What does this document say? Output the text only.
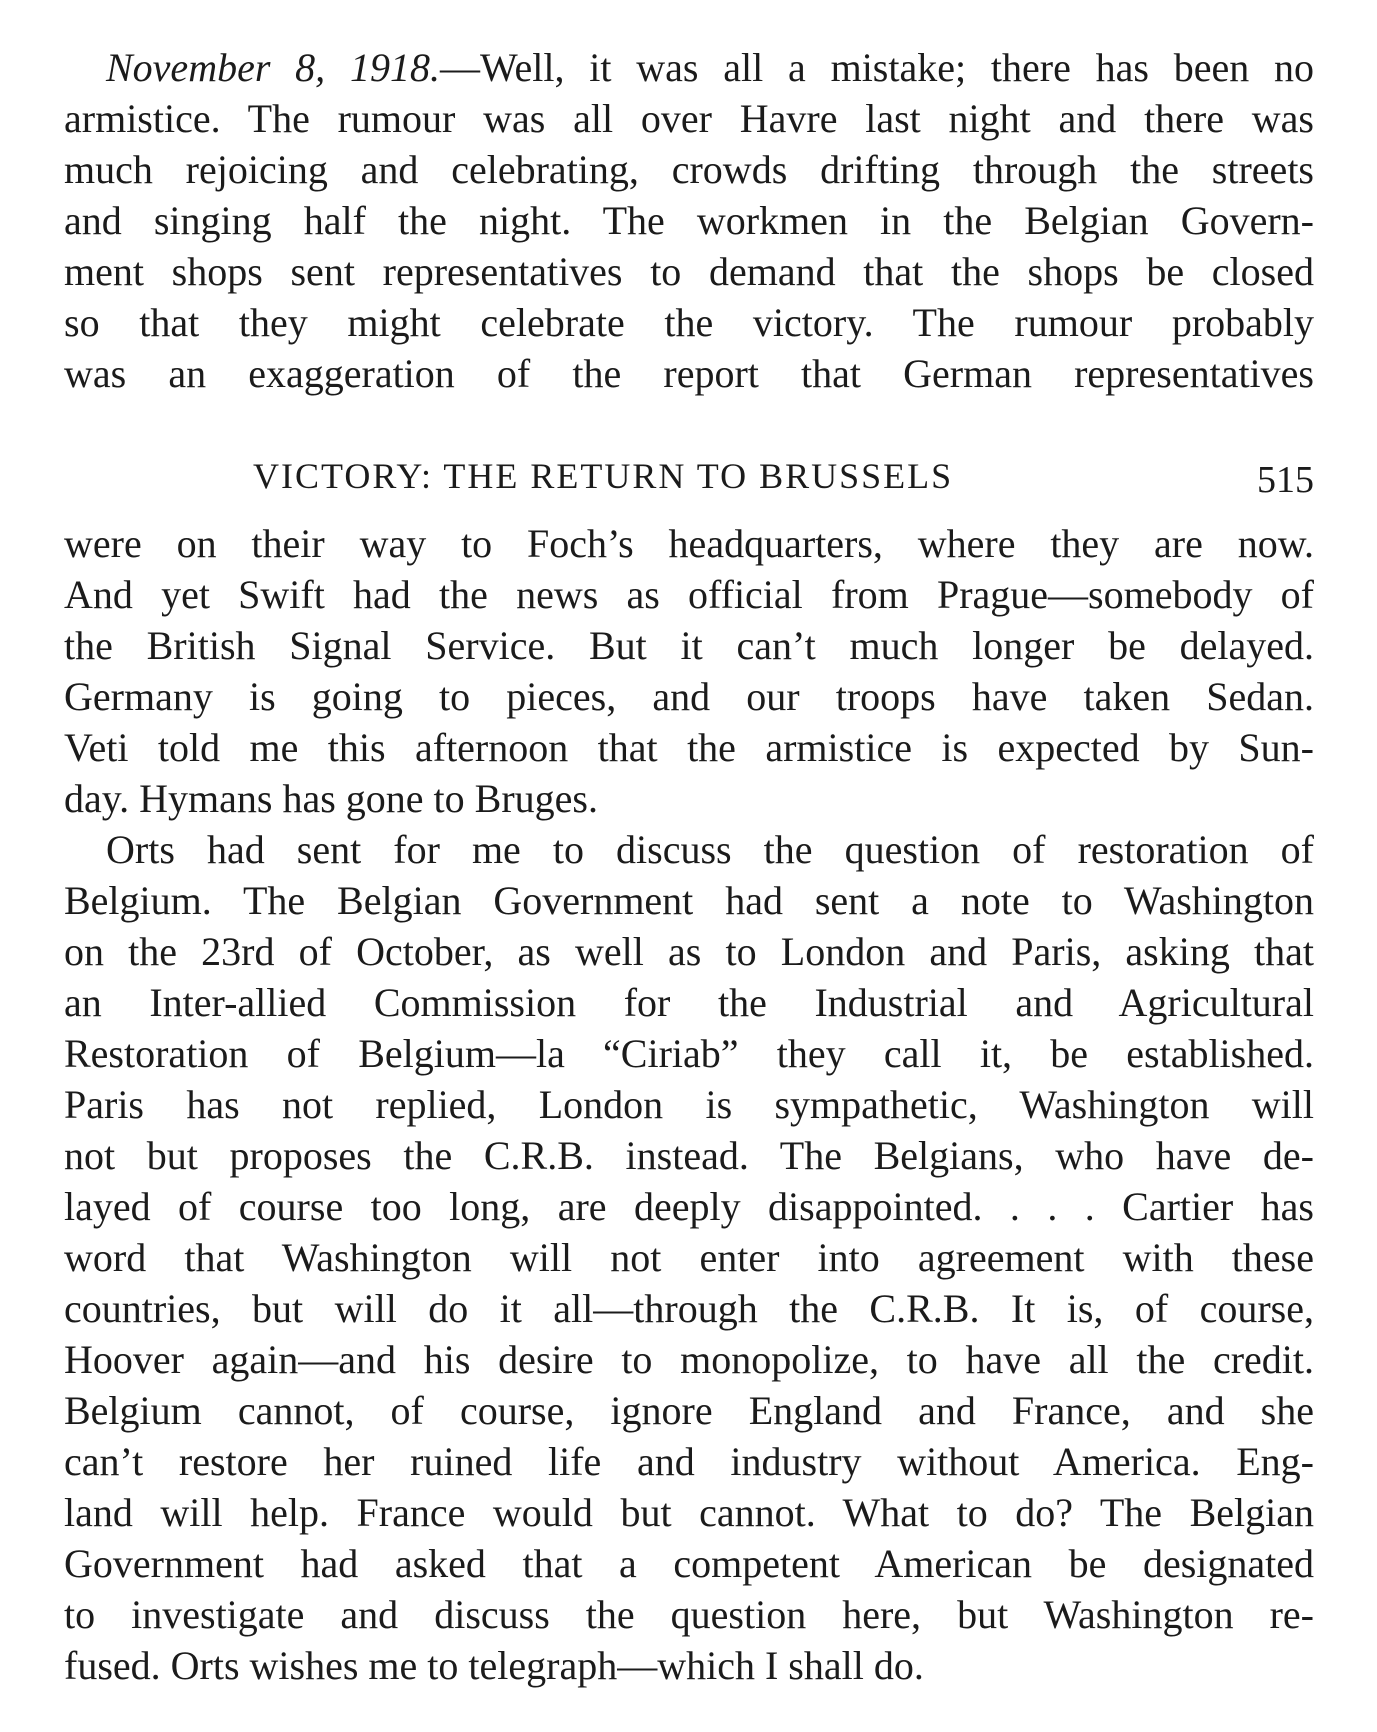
November 8, 1918.—Well, it was all a mistake; there has been no
armistice. The rumour was all over Havre last night and there was
much rejoicing and celebrating, crowds drifting through the streets
and singing half the night. The workmen in the Belgian Govern-
ment shops sent representatives to demand that the shops be closed
so that they might celebrate the victory. The rumour probably
was an exaggeration of the report that German representatives
VICTORY: THE RETURN TO BRUSSELS	515
were on their way to Foch’s headquarters, where they are now.
And yet Swift had the news as official from Prague—somebody of
the British Signal Service. But it can’t much longer be delayed.
Germany is going to pieces, and our troops have taken Sedan.
Veti told me this afternoon that the armistice is expected by Sun-
day. Hymans has gone to Bruges.
Orts had sent for me to discuss the question of restoration of
Belgium. The Belgian Government had sent a note to Washington
on the 23rd of October, as well as to London and Paris, asking that
an Inter-allied Commission for the Industrial and Agricultural
Restoration of Belgium—la “Ciriab” they call it, be established.
Paris has not replied, London is sympathetic, Washington will
not but proposes the C.R.B. instead. The Belgians, who have de-
layed of course too long, are deeply disappointed. . . . Cartier has
word that Washington will not enter into agreement with these
countries, but will do it all—through the C.R.B. It is, of course,
Hoover again—and his desire to monopolize, to have all the credit.
Belgium cannot, of course, ignore England and France, and she
can’t restore her ruined life and industry without America. Eng-
land will help. France would but cannot. What to do? The Belgian
Government had asked that a competent American be designated
to investigate and discuss the question here, but Washington re-
fused. Orts wishes me to telegraph—which I shall do.
